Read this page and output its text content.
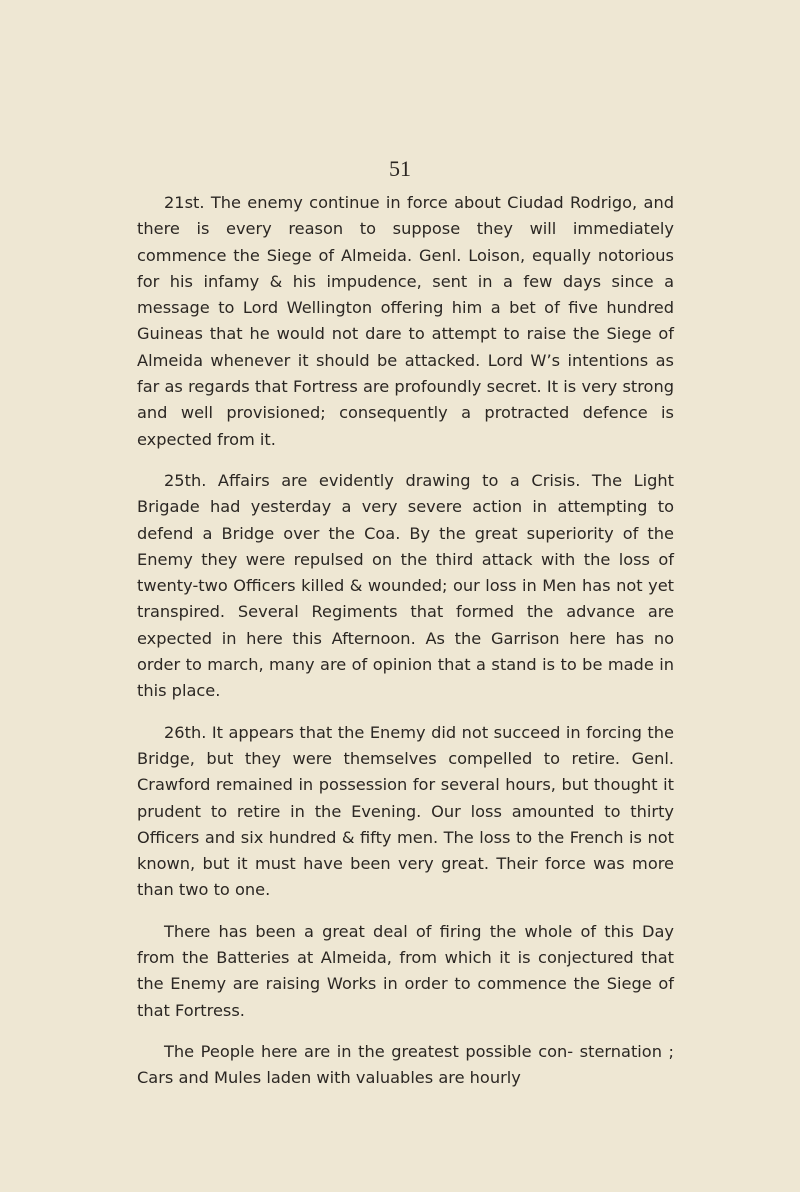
51

21st. The enemy continue in force about Ciudad Rodrigo, and there is every reason to suppose they will immediately commence the Siege of Almeida. Genl. Loison, equally notorious for his infamy & his impudence, sent in a few days since a message to Lord Wellington offering him a bet of five hundred Guineas that he would not dare to attempt to raise the Siege of Almeida whenever it should be attacked. Lord W’s intentions as far as regards that Fortress are profoundly secret. It is very strong and well provisioned; consequently a protracted defence is expected from it.

25th. Affairs are evidently drawing to a Crisis. The Light Brigade had yesterday a very severe action in attempting to defend a Bridge over the Coa. By the great superiority of the Enemy they were repulsed on the third attack with the loss of twenty-two Officers killed & wounded; our loss in Men has not yet transpired. Several Regiments that formed the advance are expected in here this Afternoon. As the Garrison here has no order to march, many are of opinion that a stand is to be made in this place.

26th. It appears that the Enemy did not succeed in forcing the Bridge, but they were themselves compelled to retire. Genl. Crawford remained in possession for several hours, but thought it prudent to retire in the Evening. Our loss amounted to thirty Officers and six hundred & fifty men. The loss to the French is not known, but it must have been very great. Their force was more than two to one.

There has been a great deal of firing the whole of this Day from the Batteries at Almeida, from which it is conjectured that the Enemy are raising Works in order to commence the Siege of that Fortress.

The People here are in the greatest possible con- sternation ; Cars and Mules laden with valuables are hourly
